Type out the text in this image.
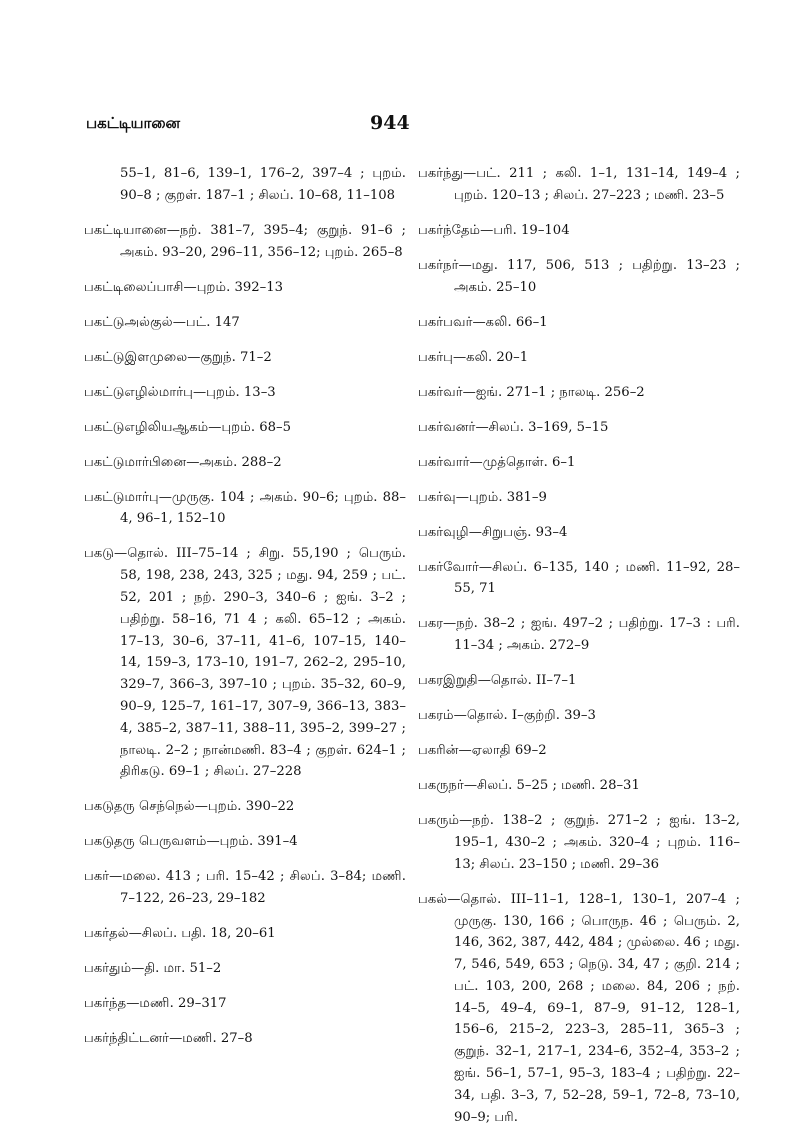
பகட்டியானை	944

55–1, 81–6, 139–1, 176–2, 397–4 ; புறம். 90–8 ; குறள். 187–1 ; சிலப். 10–68, 11–108

பகட்டியானை—நற். 381–7, 395–4; குறுந். 91–6 ; அகம். 93–20, 296–11, 356–12; புறம். 265–8

பகட்டிலைப்பாசி—புறம். 392–13

பகட்டுஅல்குல்—பட். 147

பகட்டுஇளமுலை—குறுந். 71–2

பகட்டுஎழில்மார்பு—புறம். 13–3

பகட்டுஎழிலியஆகம்—புறம். 68–5

பகட்டுமார்பினை—அகம். 288–2

பகட்டுமார்பு—முருகு. 104 ; அகம். 90–6; புறம். 88–4, 96–1, 152–10

பகடு—தொல். III–75–14 ; சிறு. 55,190 ; பெரும். 58, 198, 238, 243, 325 ; மது. 94, 259 ; பட். 52, 201 ; நற். 290–3, 340–6 ; ஐங். 3–2 ; பதிற்று. 58–16, 71 4 ; கலி. 65–12 ; அகம். 17–13, 30–6, 37–11, 41–6, 107–15, 140–14, 159–3, 173–10, 191–7, 262–2, 295–10, 329–7, 366–3, 397–10 ; புறம். 35–32, 60–9, 90–9, 125–7, 161–17, 307–9, 366–13, 383–4, 385–2, 387–11, 388–11, 395–2, 399–27 ; நாலடி. 2–2 ; நான்மணி. 83–4 ; குறள். 624–1 ; திரிகடு. 69–1 ; சிலப். 27–228

பகடுதரு செந்நெல்—புறம். 390–22

பகடுதரு பெருவளம்—புறம். 391–4

பகர்—மலை. 413 ; பரி. 15–42 ; சிலப். 3–84; மணி. 7–122, 26–23, 29–182

பகர்தல்—சிலப். பதி. 18, 20–61

பகர்தும்—தி. மா. 51–2

பகர்ந்த—மணி. 29–317

பகர்ந்திட்டனர்—மணி. 27–8

பகர்ந்து—பட். 211 ; கலி. 1–1, 131–14, 149–4 ; புறம். 120–13 ; சிலப். 27–223 ; மணி. 23–5

பகர்ந்தேம்—பரி. 19–104

பகர்நர்—மது. 117, 506, 513 ; பதிற்று. 13–23 ; அகம். 25–10

பகர்பவர்—கலி. 66–1

பகர்பு—கலி. 20–1

பகர்வர்—ஐங். 271–1 ; நாலடி. 256–2

பகர்வனர்—சிலப். 3–169, 5–15

பகர்வார்—முத்தொள். 6–1

பகர்வு—புறம். 381–9

பகர்வுழி—சிறுபஞ். 93–4

பகர்வோர்—சிலப். 6–135, 140 ; மணி. 11–92, 28–55, 71

பகர—நற். 38–2 ; ஐங். 497–2 ; பதிற்று. 17–3 : பரி. 11–34 ; அகம். 272–9

பகரஇறுதி—தொல். II–7–1

பகரம்—தொல். I–குற்றி. 39–3

பகரின்—ஏலாதி 69–2

பகருநர்—சிலப். 5–25 ; மணி. 28–31

பகரும்—நற். 138–2 ; குறுந். 271–2 ; ஐங். 13–2, 195–1, 430–2 ; அகம். 320–4 ; புறம். 116–13; சிலப். 23–150 ; மணி. 29–36

பகல்—தொல். III–11–1, 128–1, 130–1, 207–4 ; முருகு. 130, 166 ; பொருந. 46 ; பெரும். 2, 146, 362, 387, 442, 484 ; முல்லை. 46 ; மது. 7, 546, 549, 653 ; நெடு. 34, 47 ; குறி. 214 ; பட். 103, 200, 268 ; மலை. 84, 206 ; நற். 14–5, 49–4, 69–1, 87–9, 91–12, 128–1, 156–6, 215–2, 223–3, 285–11, 365–3 ; குறுந். 32–1, 217–1, 234–6, 352–4, 353–2 ; ஐங். 56–1, 57–1, 95–3, 183–4 ; பதிற்று. 22–34, பதி. 3–3, 7, 52–28, 59–1, 72–8, 73–10, 90–9; பரி.
